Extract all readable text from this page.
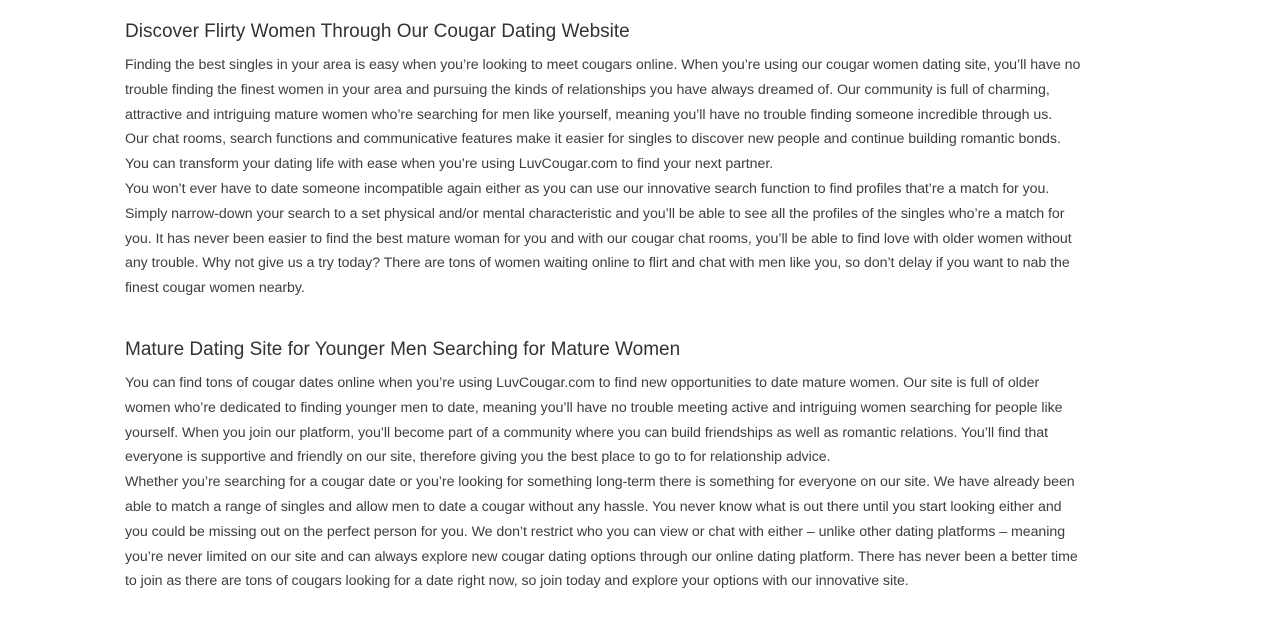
Discover Flirty Women Through Our Cougar Dating Website

Finding the best singles in your area is easy when you’re looking to meet cougars online. When you’re using our cougar women dating site, you’ll have no trouble finding the finest women in your area and pursuing the kinds of relationships you have always dreamed of. Our community is full of charming, attractive and intriguing mature women who’re searching for men like yourself, meaning you’ll have no trouble finding someone incredible through us.

Our chat rooms, search functions and communicative features make it easier for singles to discover new people and continue building romantic bonds.

You can transform your dating life with ease when you’re using LuvCougar.com to find your next partner.

You won’t ever have to date someone incompatible again either as you can use our innovative search function to find profiles that’re a match for you. Simply narrow-down your search to a set physical and/or mental characteristic and you’ll be able to see all the profiles of the singles who’re a match for you. It has never been easier to find the best mature woman for you and with our cougar chat rooms, you’ll be able to find love with older women without any trouble. Why not give us a try today? There are tons of women waiting online to flirt and chat with men like you, so don’t delay if you want to nab the finest cougar women nearby.

Mature Dating Site for Younger Men Searching for Mature Women

You can find tons of cougar dates online when you’re using LuvCougar.com to find new opportunities to date mature women. Our site is full of older women who’re dedicated to finding younger men to date, meaning you’ll have no trouble meeting active and intriguing women searching for people like yourself. When you join our platform, you’ll become part of a community where you can build friendships as well as romantic relations. You’ll find that everyone is supportive and friendly on our site, therefore giving you the best place to go to for relationship advice.

Whether you’re searching for a cougar date or you’re looking for something long-term there is something for everyone on our site. We have already been able to match a range of singles and allow men to date a cougar without any hassle. You never know what is out there until you start looking either and you could be missing out on the perfect person for you. We don’t restrict who you can view or chat with either – unlike other dating platforms – meaning you’re never limited on our site and can always explore new cougar dating options through our online dating platform. There has never been a better time to join as there are tons of cougars looking for a date right now, so join today and explore your options with our innovative site.
